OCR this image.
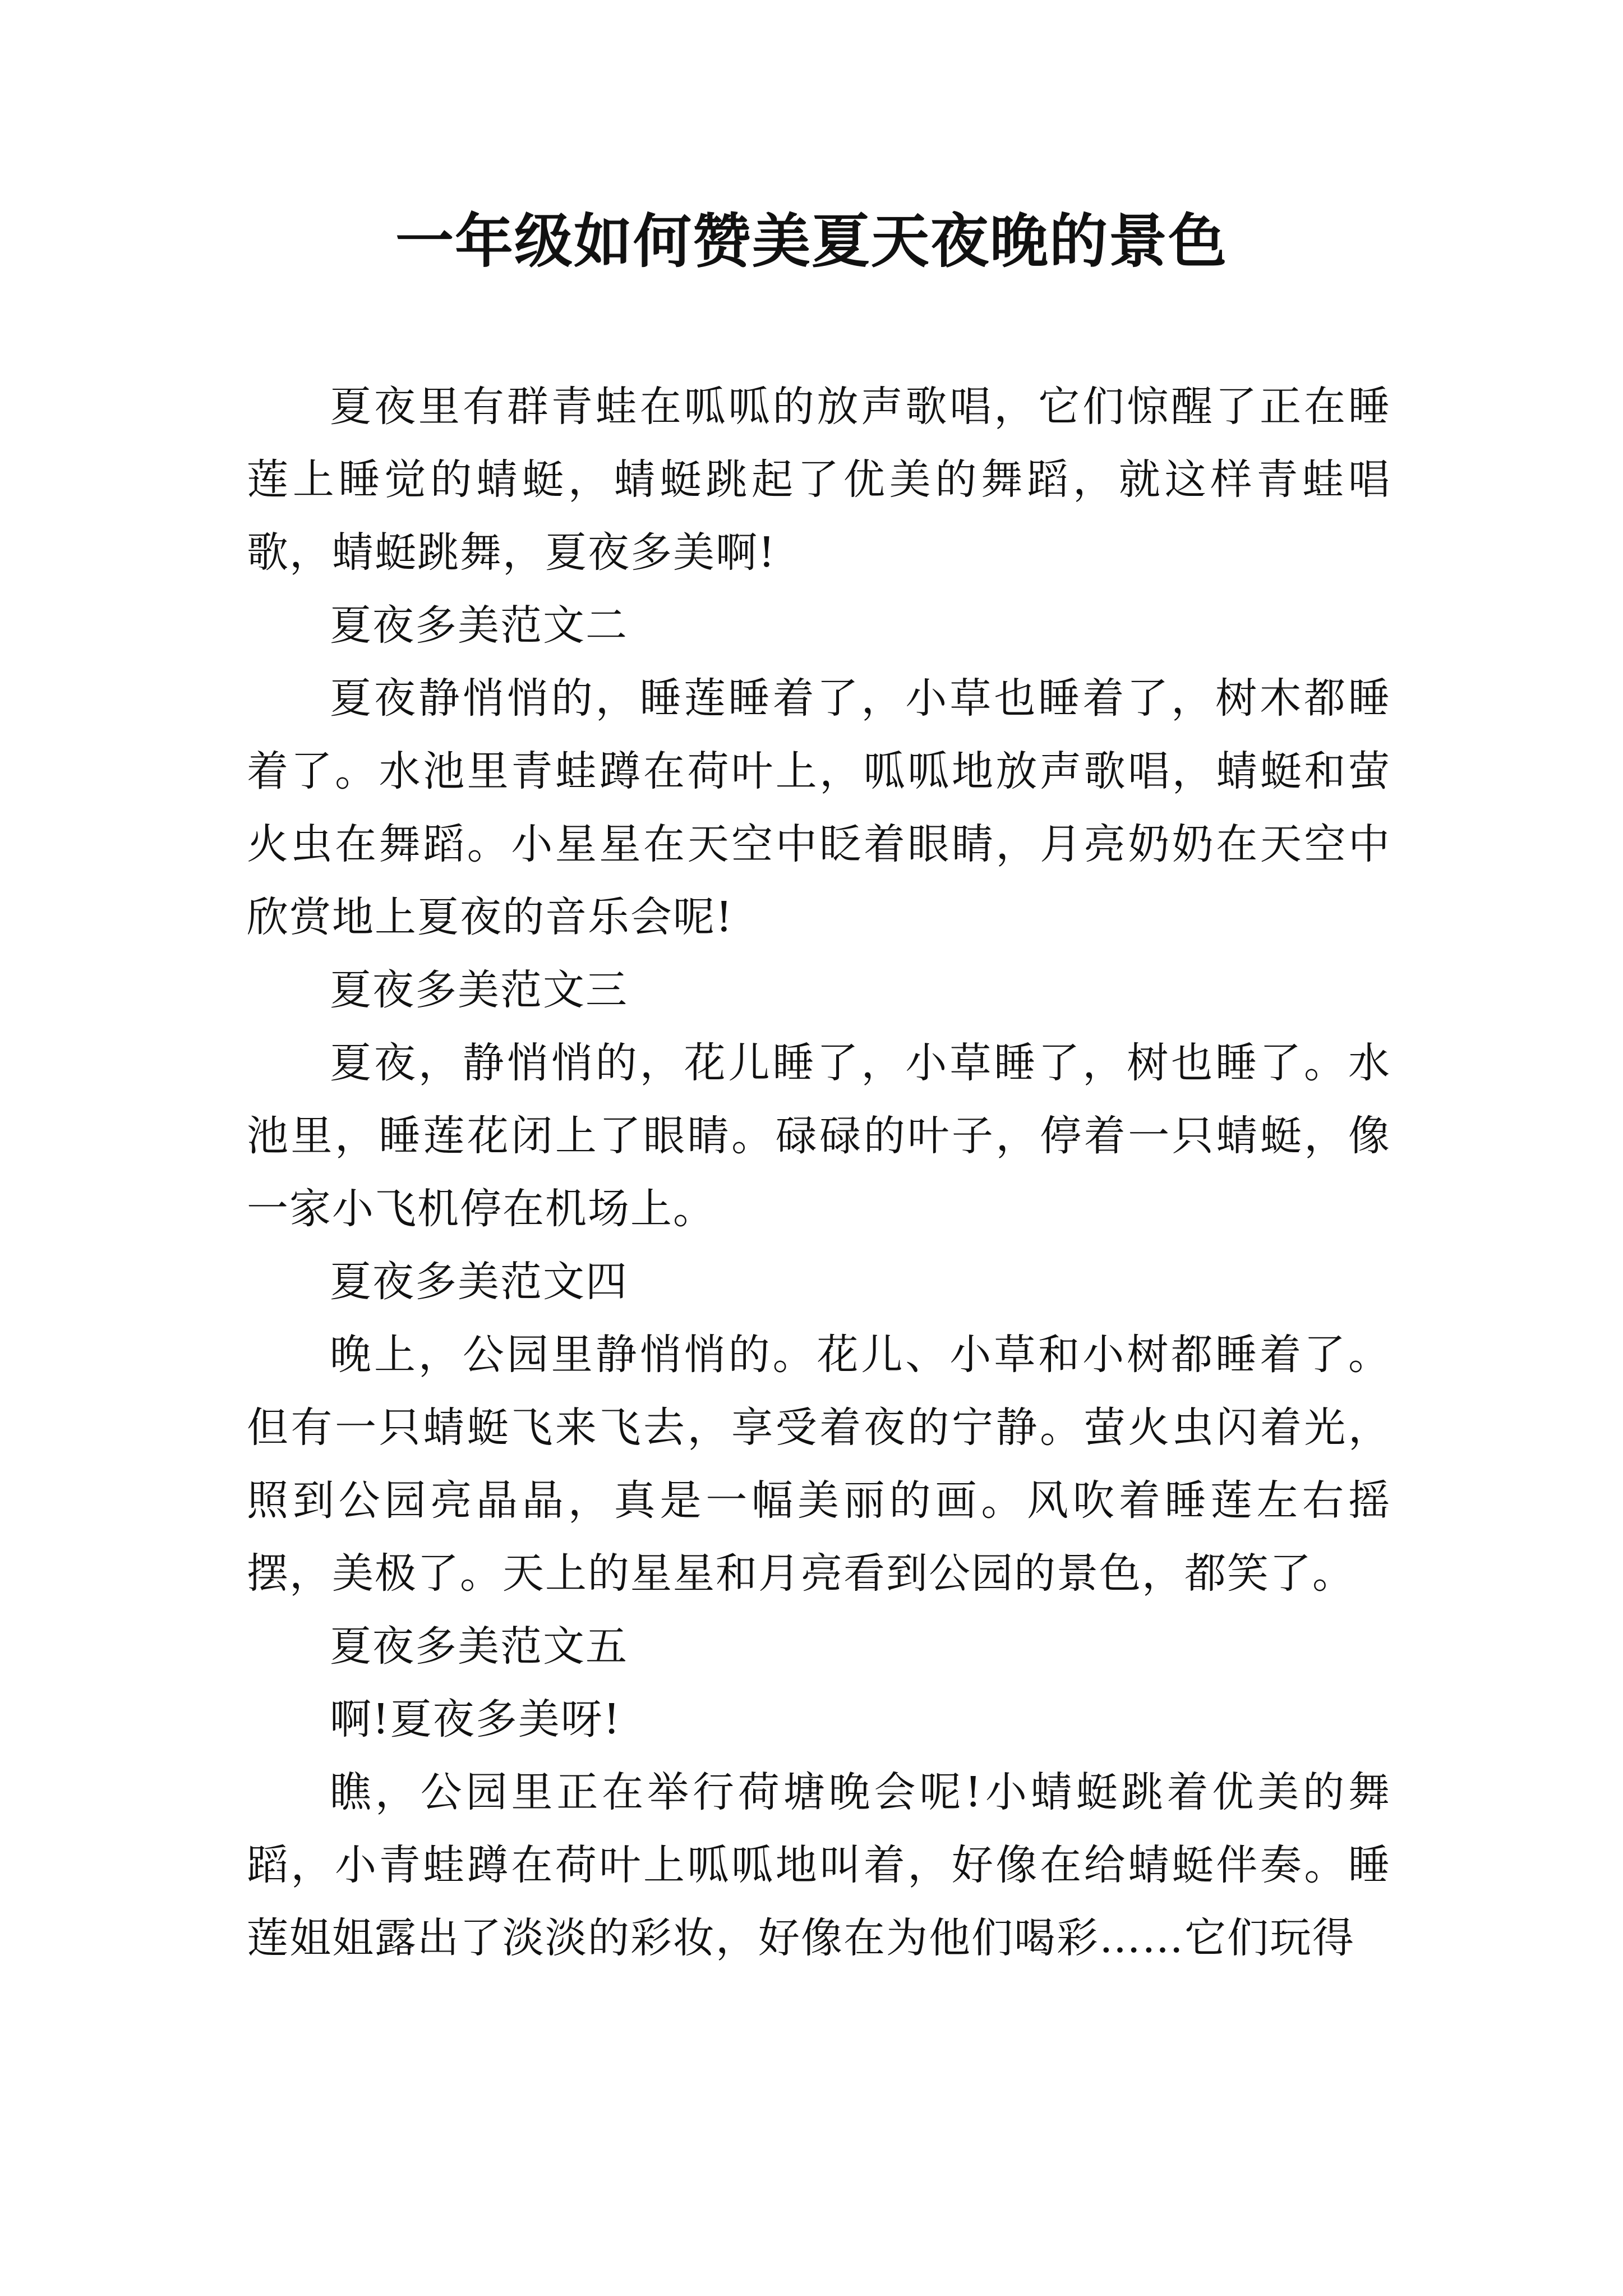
一年级如何赞美夏天夜晚的景色

夏夜里有群青蛙在呱呱的放声歌唱，它们惊醒了正在睡莲上睡觉的蜻蜓，蜻蜓跳起了优美的舞蹈，就这样青蛙唱歌，蜻蜓跳舞，夏夜多美啊!

夏夜多美范文二

夏夜静悄悄的，睡莲睡着了，小草也睡着了，树木都睡着了。水池里青蛙蹲在荷叶上，呱呱地放声歌唱，蜻蜓和萤火虫在舞蹈。小星星在天空中眨着眼睛，月亮奶奶在天空中欣赏地上夏夜的音乐会呢!

夏夜多美范文三

夏夜，静悄悄的，花儿睡了，小草睡了，树也睡了。水池里，睡莲花闭上了眼睛。碌碌的叶子，停着一只蜻蜓，像一家小飞机停在机场上。

夏夜多美范文四

晚上，公园里静悄悄的。花儿、小草和小树都睡着了。但有一只蜻蜓飞来飞去，享受着夜的宁静。萤火虫闪着光，照到公园亮晶晶，真是一幅美丽的画。风吹着睡莲左右摇摆，美极了。天上的星星和月亮看到公园的景色，都笑了。

夏夜多美范文五

啊!夏夜多美呀!

瞧，公园里正在举行荷塘晚会呢!小蜻蜓跳着优美的舞蹈，小青蛙蹲在荷叶上呱呱地叫着，好像在给蜻蜓伴奏。睡莲姐姐露出了淡淡的彩妆，好像在为他们喝彩……它们玩得
